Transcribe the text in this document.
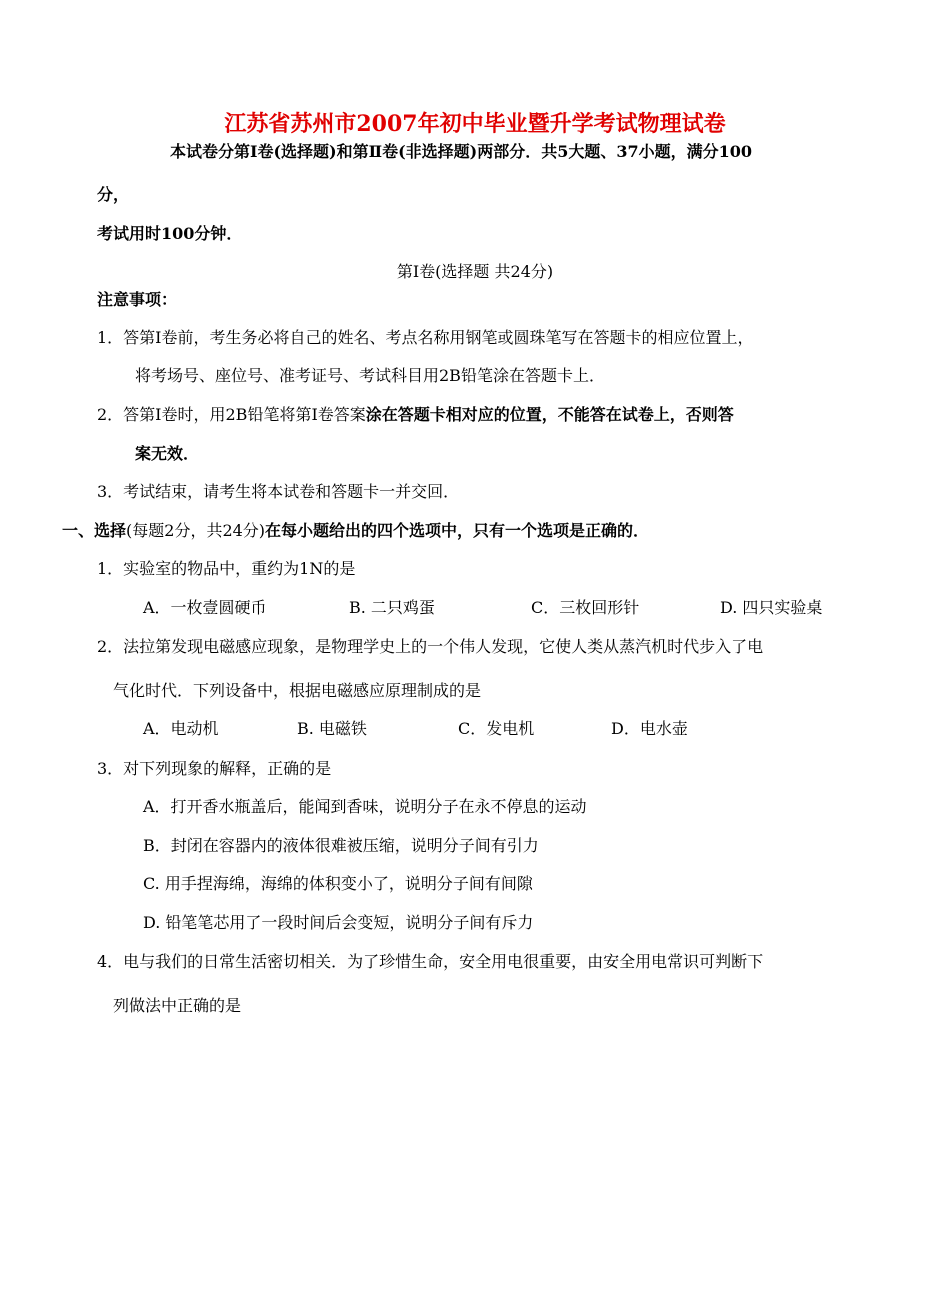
江苏省苏州市2007年初中毕业暨升学考试物理试卷
本试卷分第Ⅰ卷(选择题)和第Ⅱ卷(非选择题)两部分．共5大题、37小题，满分100
分，
考试用时100分钟．
第Ⅰ卷(选择题 共24分)
注意事项：
1．答第Ⅰ卷前，考生务必将自己的姓名、考点名称用钢笔或圆珠笔写在答题卡的相应位置上，
将考场号、座位号、准考证号、考试科目用2B铅笔涂在答题卡上．
2．答第Ⅰ卷时，用2B铅笔将第Ⅰ卷答案涂在答题卡相对应的位置，不能答在试卷上，否则答
案无效．
3．考试结束，请考生将本试卷和答题卡一并交回．
一、选择(每题2分，共24分)在每小题给出的四个选项中，只有一个选项是正确的．
1．实验室的物品中，重约为1N的是
A．一枚壹圆硬币	B. 二只鸡蛋	C．三枚回形针	D. 四只实验桌
2．法拉第发现电磁感应现象，是物理学史上的一个伟人发现，它使人类从蒸汽机时代步入了电
气化时代．下列设备中，根据电磁感应原理制成的是
A．电动机	B. 电磁铁	C．发电机	D．电水壶
3．对下列现象的解释，正确的是
A．打开香水瓶盖后，能闻到香味，说明分子在永不停息的运动
B．封闭在容器内的液体很难被压缩，说明分子间有引力
C. 用手捏海绵，海绵的体积变小了，说明分子间有间隙
D. 铅笔笔芯用了一段时间后会变短，说明分子间有斥力
4．电与我们的日常生活密切相关．为了珍惜生命，安全用电很重要，由安全用电常识可判断下
列做法中正确的是
